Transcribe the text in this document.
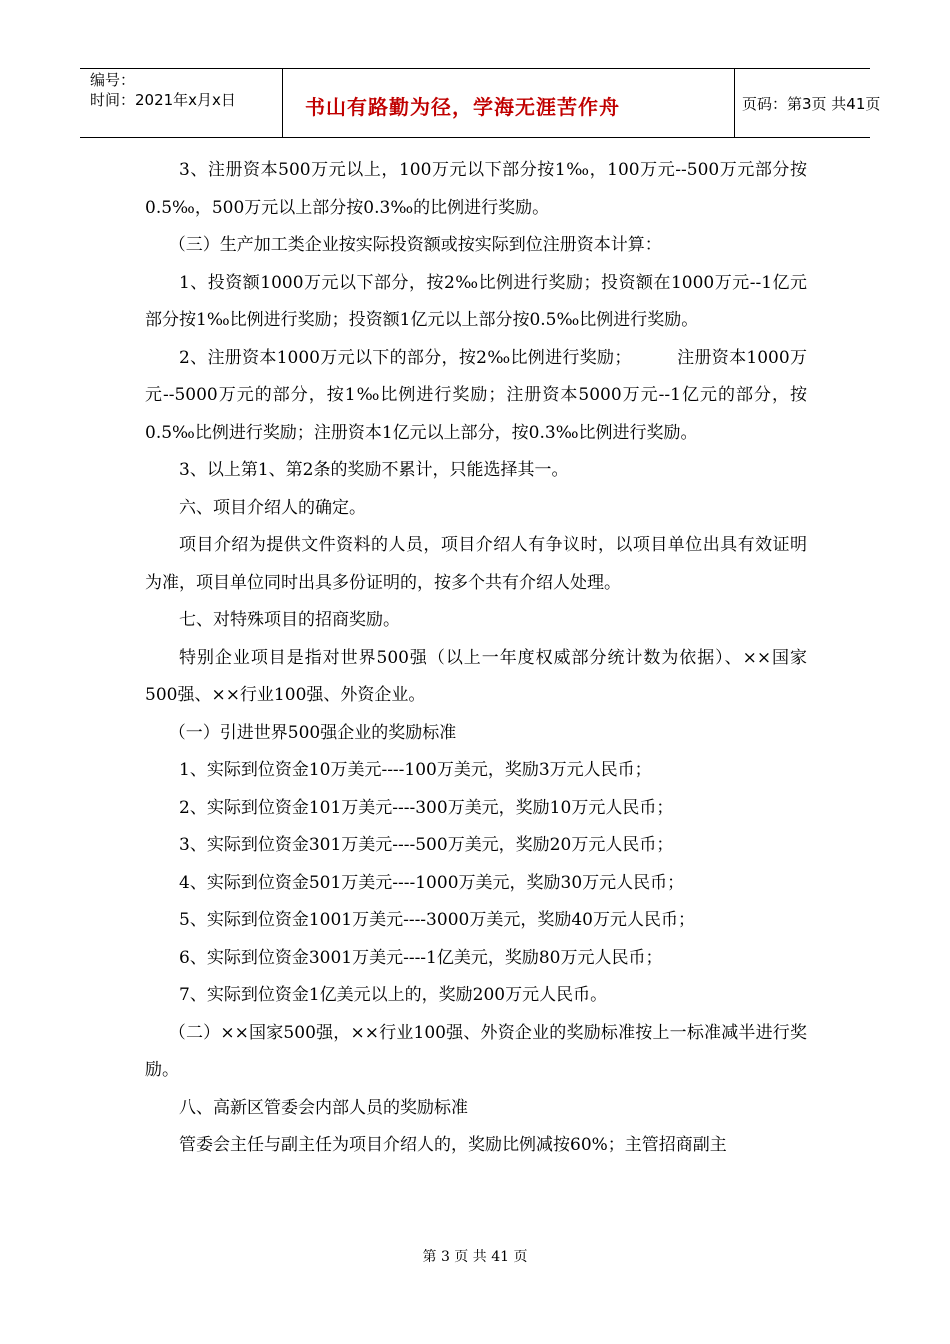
编号：
时间：2021年x月x日	书山有路勤为径，学海无涯苦作舟	页码：第3页 共41页

3、注册资本500万元以上，100万元以下部分按1‰，100万元--500万元部分按0.5‰，500万元以上部分按0.3‰的比例进行奖励。

（三）生产加工类企业按实际投资额或按实际到位注册资本计算：

1、投资额1000万元以下部分，按2‰比例进行奖励；投资额在1000万元--1亿元部分按1‰比例进行奖励；投资额1亿元以上部分按0.5‰比例进行奖励。

2、注册资本1000万元以下的部分，按2‰比例进行奖励；        注册资本1000万元--5000万元的部分，按1‰比例进行奖励；注册资本5000万元--1亿元的部分，按0.5‰比例进行奖励；注册资本1亿元以上部分，按0.3‰比例进行奖励。

3、以上第1、第2条的奖励不累计，只能选择其一。

六、项目介绍人的确定。

项目介绍为提供文件资料的人员，项目介绍人有争议时，以项目单位出具有效证明为准，项目单位同时出具多份证明的，按多个共有介绍人处理。

七、对特殊项目的招商奖励。

特别企业项目是指对世界500强（以上一年度权威部分统计数为依据）、××国家500强、××行业100强、外资企业。

（一）引进世界500强企业的奖励标准

1、实际到位资金10万美元----100万美元，奖励3万元人民币；

2、实际到位资金101万美元----300万美元，奖励10万元人民币；

3、实际到位资金301万美元----500万美元，奖励20万元人民币；

4、实际到位资金501万美元----1000万美元，奖励30万元人民币；

5、实际到位资金1001万美元----3000万美元，奖励40万元人民币；

6、实际到位资金3001万美元----1亿美元，奖励80万元人民币；

7、实际到位资金1亿美元以上的，奖励200万元人民币。

（二）××国家500强，××行业100强、外资企业的奖励标准按上一标准减半进行奖励。

八、高新区管委会内部人员的奖励标准

管委会主任与副主任为项目介绍人的，奖励比例减按60%；主管招商副主

第 3 页 共 41 页
